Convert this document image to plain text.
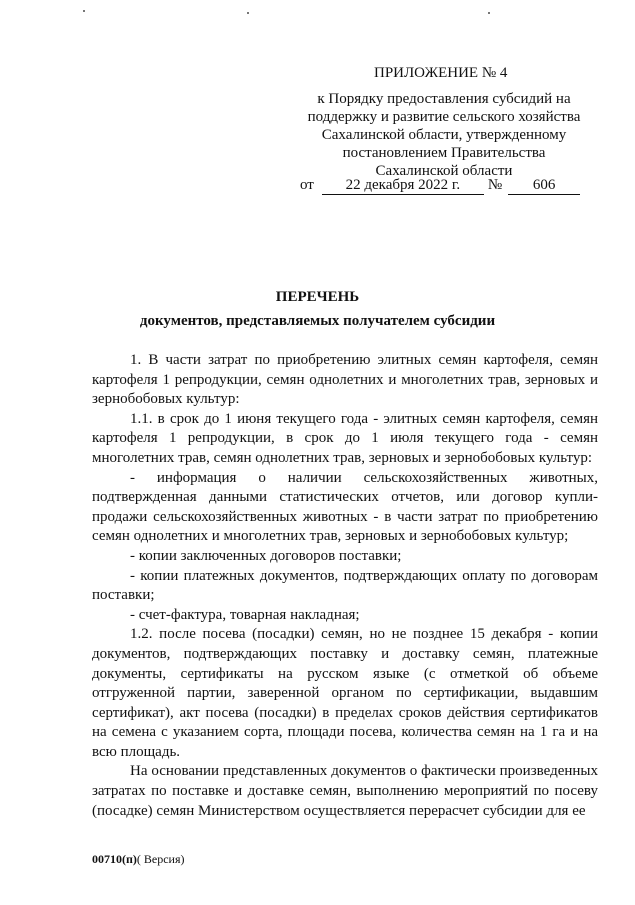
ПРИЛОЖЕНИЕ № 4
к Порядку предоставления субсидий на
поддержку и развитие сельского хозяйства
Сахалинской области, утвержденному
постановлением Правительства
Сахалинской области
от 22 декабря 2022 г. № 606
ПЕРЕЧЕНЬ
документов, представляемых получателем субсидии

1. В части затрат по приобретению элитных семян картофеля, семян картофеля 1 репродукции, семян однолетних и многолетних трав, зерновых и зернобобовых культур:

1.1. в срок до 1 июня текущего года - элитных семян картофеля, семян картофеля 1 репродукции, в срок до 1 июля текущего года - семян многолетних трав, семян однолетних трав, зерновых и зернобобовых культур:

- информация о наличии сельскохозяйственных животных, подтвержденная данными статистических отчетов, или договор купли-продажи сельскохозяйственных животных - в части затрат по приобретению семян однолетних и многолетних трав, зерновых и зернобобовых культур;

- копии заключенных договоров поставки;

- копии платежных документов, подтверждающих оплату по договорам поставки;

- счет-фактура, товарная накладная;

1.2. после посева (посадки) семян, но не позднее 15 декабря - копии документов, подтверждающих поставку и доставку семян, платежные документы, сертификаты на русском языке (с отметкой об объеме отгруженной партии, заверенной органом по сертификации, выдавшим сертификат), акт посева (посадки) в пределах сроков действия сертификатов на семена с указанием сорта, площади посева, количества семян на 1 га и на всю площадь.

На основании представленных документов о фактически произведенных затратах по поставке и доставке семян, выполнению мероприятий по посеву (посадке) семян Министерством осуществляется перерасчет субсидии для ее

00710(п)( Версия)
